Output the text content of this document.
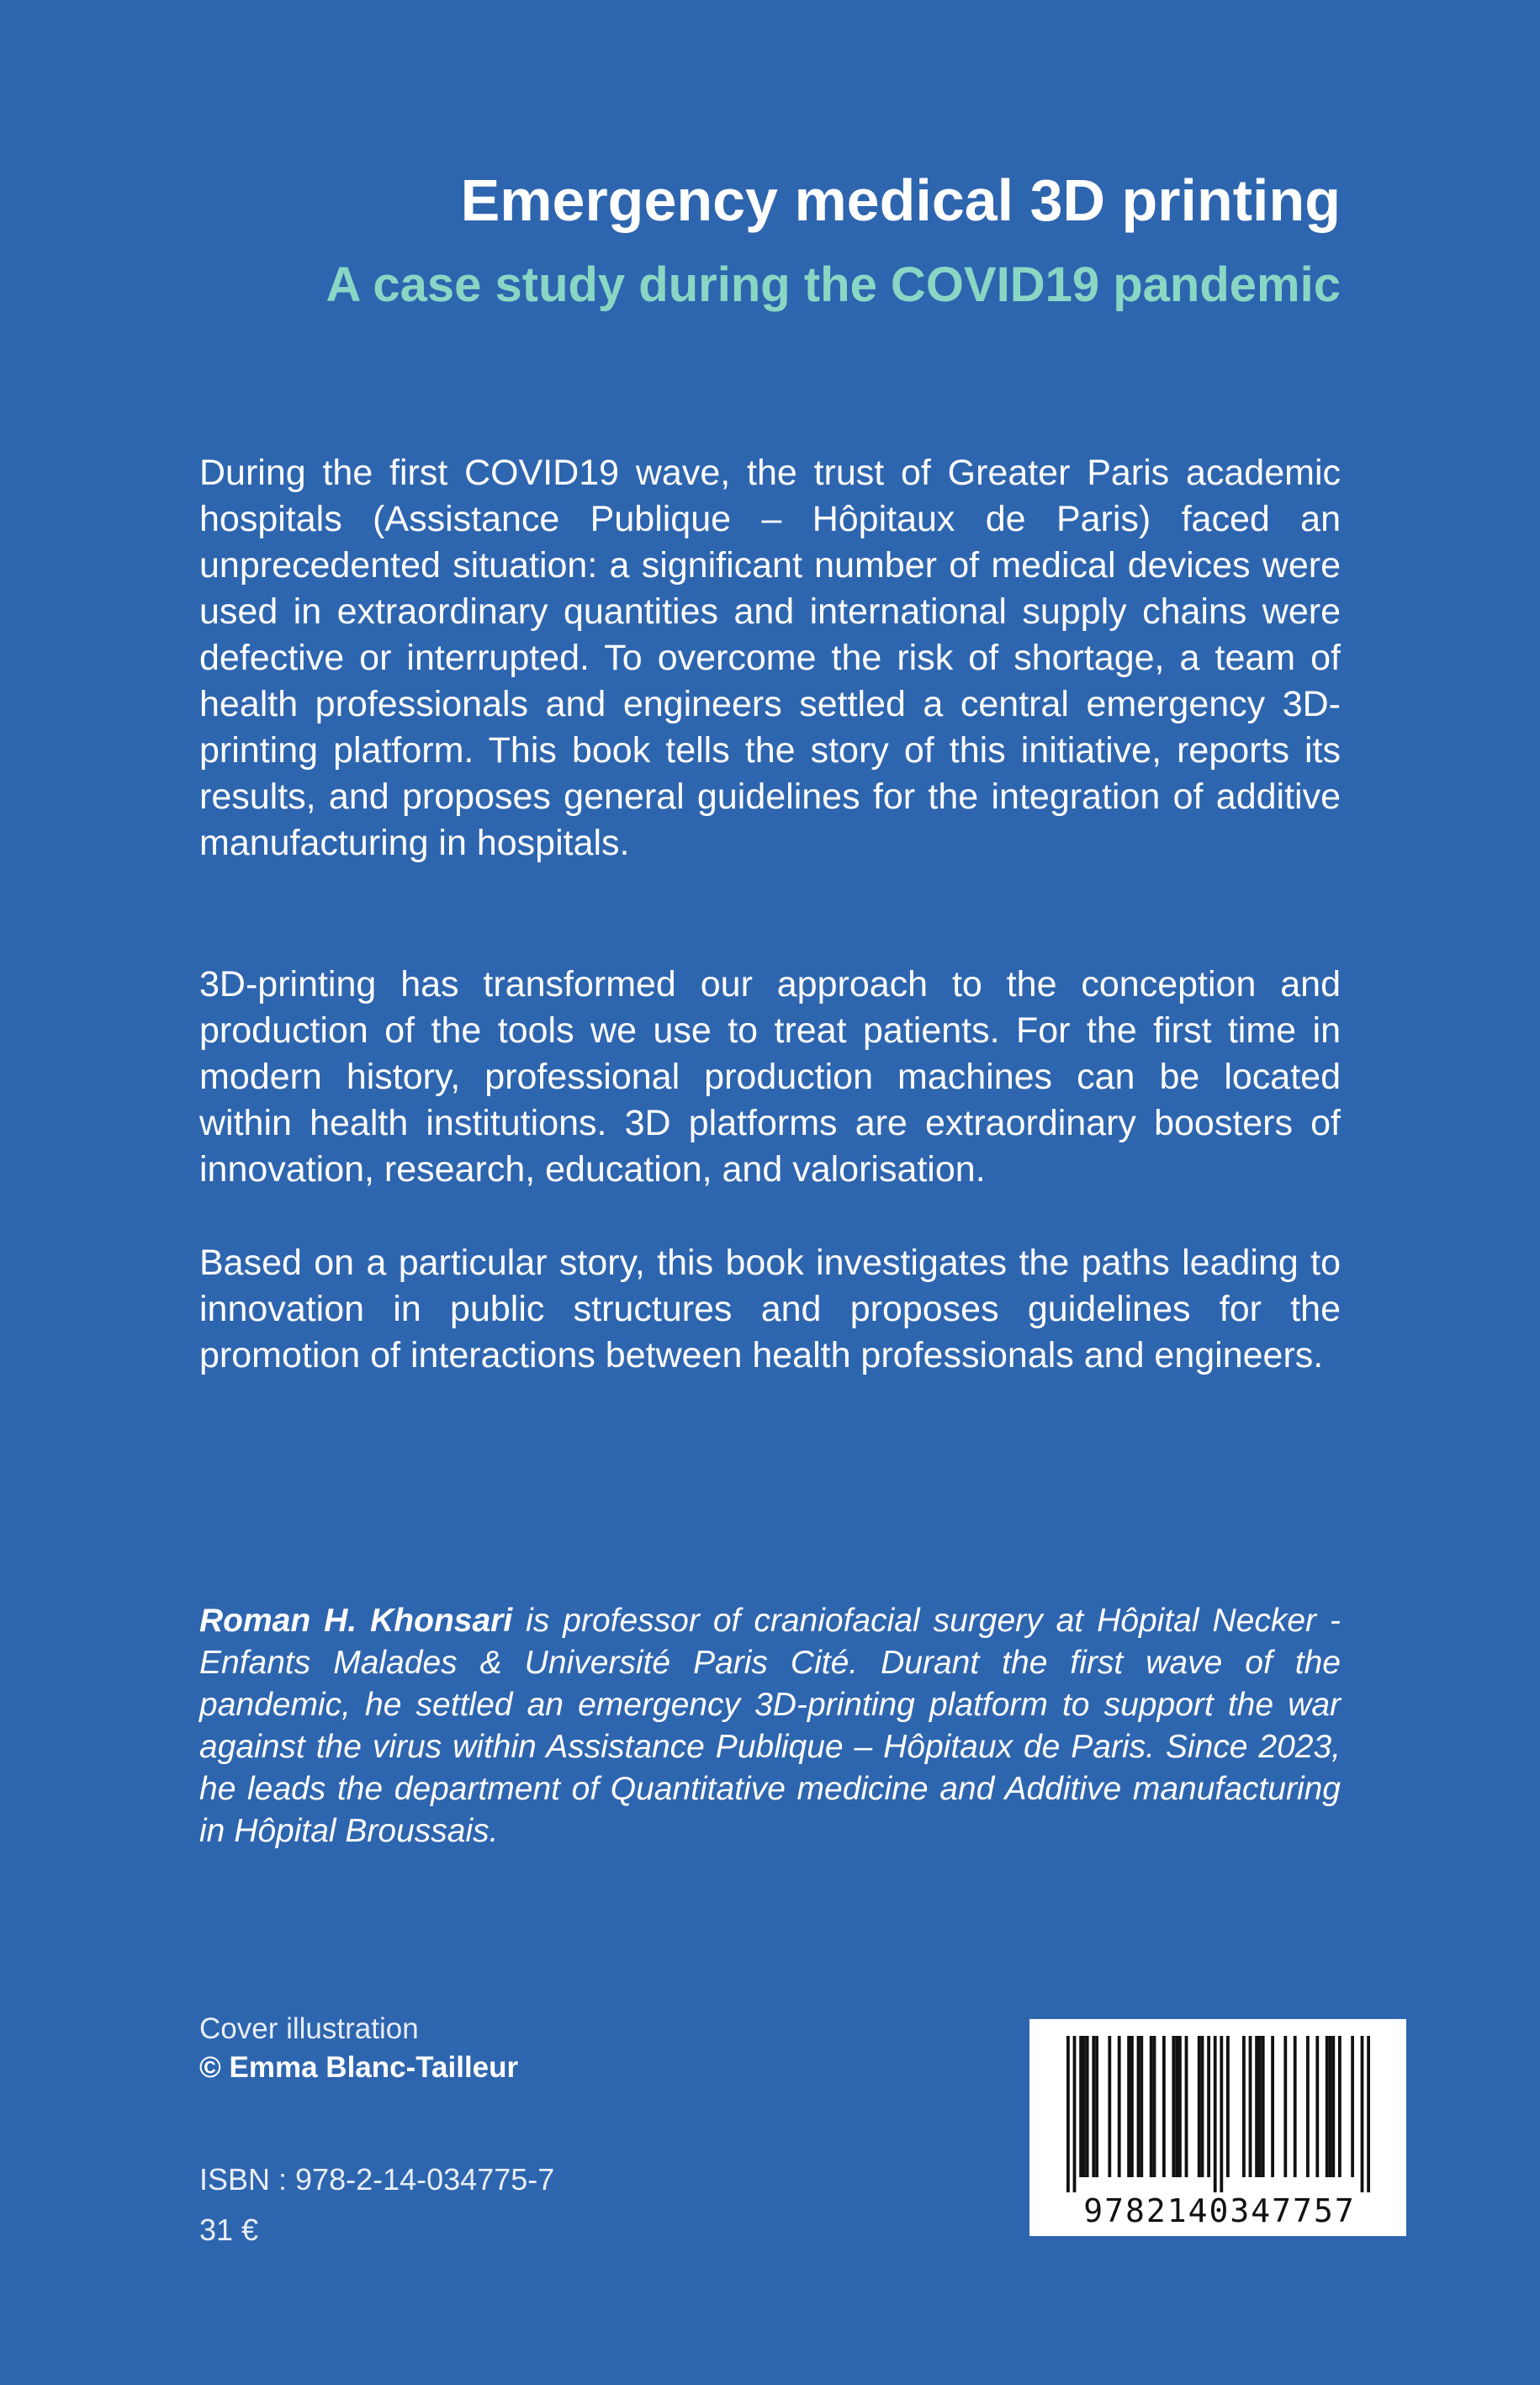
Emergency medical 3D printing
A case study during the COVID19 pandemic
During the first COVID19 wave, the trust of Greater Paris academic hospitals (Assistance Publique – Hôpitaux de Paris) faced an unprecedented situation: a significant number of medical devices were used in extraordinary quantities and international supply chains were defective or interrupted. To overcome the risk of shortage, a team of health professionals and engineers settled a central emergency 3D-printing platform. This book tells the story of this initiative, reports its results, and proposes general guidelines for the integration of additive manufacturing in hospitals.
3D-printing has transformed our approach to the conception and production of the tools we use to treat patients. For the first time in modern history, professional production machines can be located within health institutions. 3D platforms are extraordinary boosters of innovation, research, education, and valorisation.
Based on a particular story, this book investigates the paths leading to innovation in public structures and proposes guidelines for the promotion of interactions between health professionals and engineers.
Roman H. Khonsari is professor of craniofacial surgery at Hôpital Necker - Enfants Malades & Université Paris Cité. Durant the first wave of the pandemic, he settled an emergency 3D-printing platform to support the war against the virus within Assistance Publique – Hôpitaux de Paris. Since 2023, he leads the department of Quantitative medicine and Additive manufacturing in Hôpital Broussais.
Cover illustration
© Emma Blanc-Tailleur
ISBN : 978-2-14-034775-7
31 €
9782140347757
